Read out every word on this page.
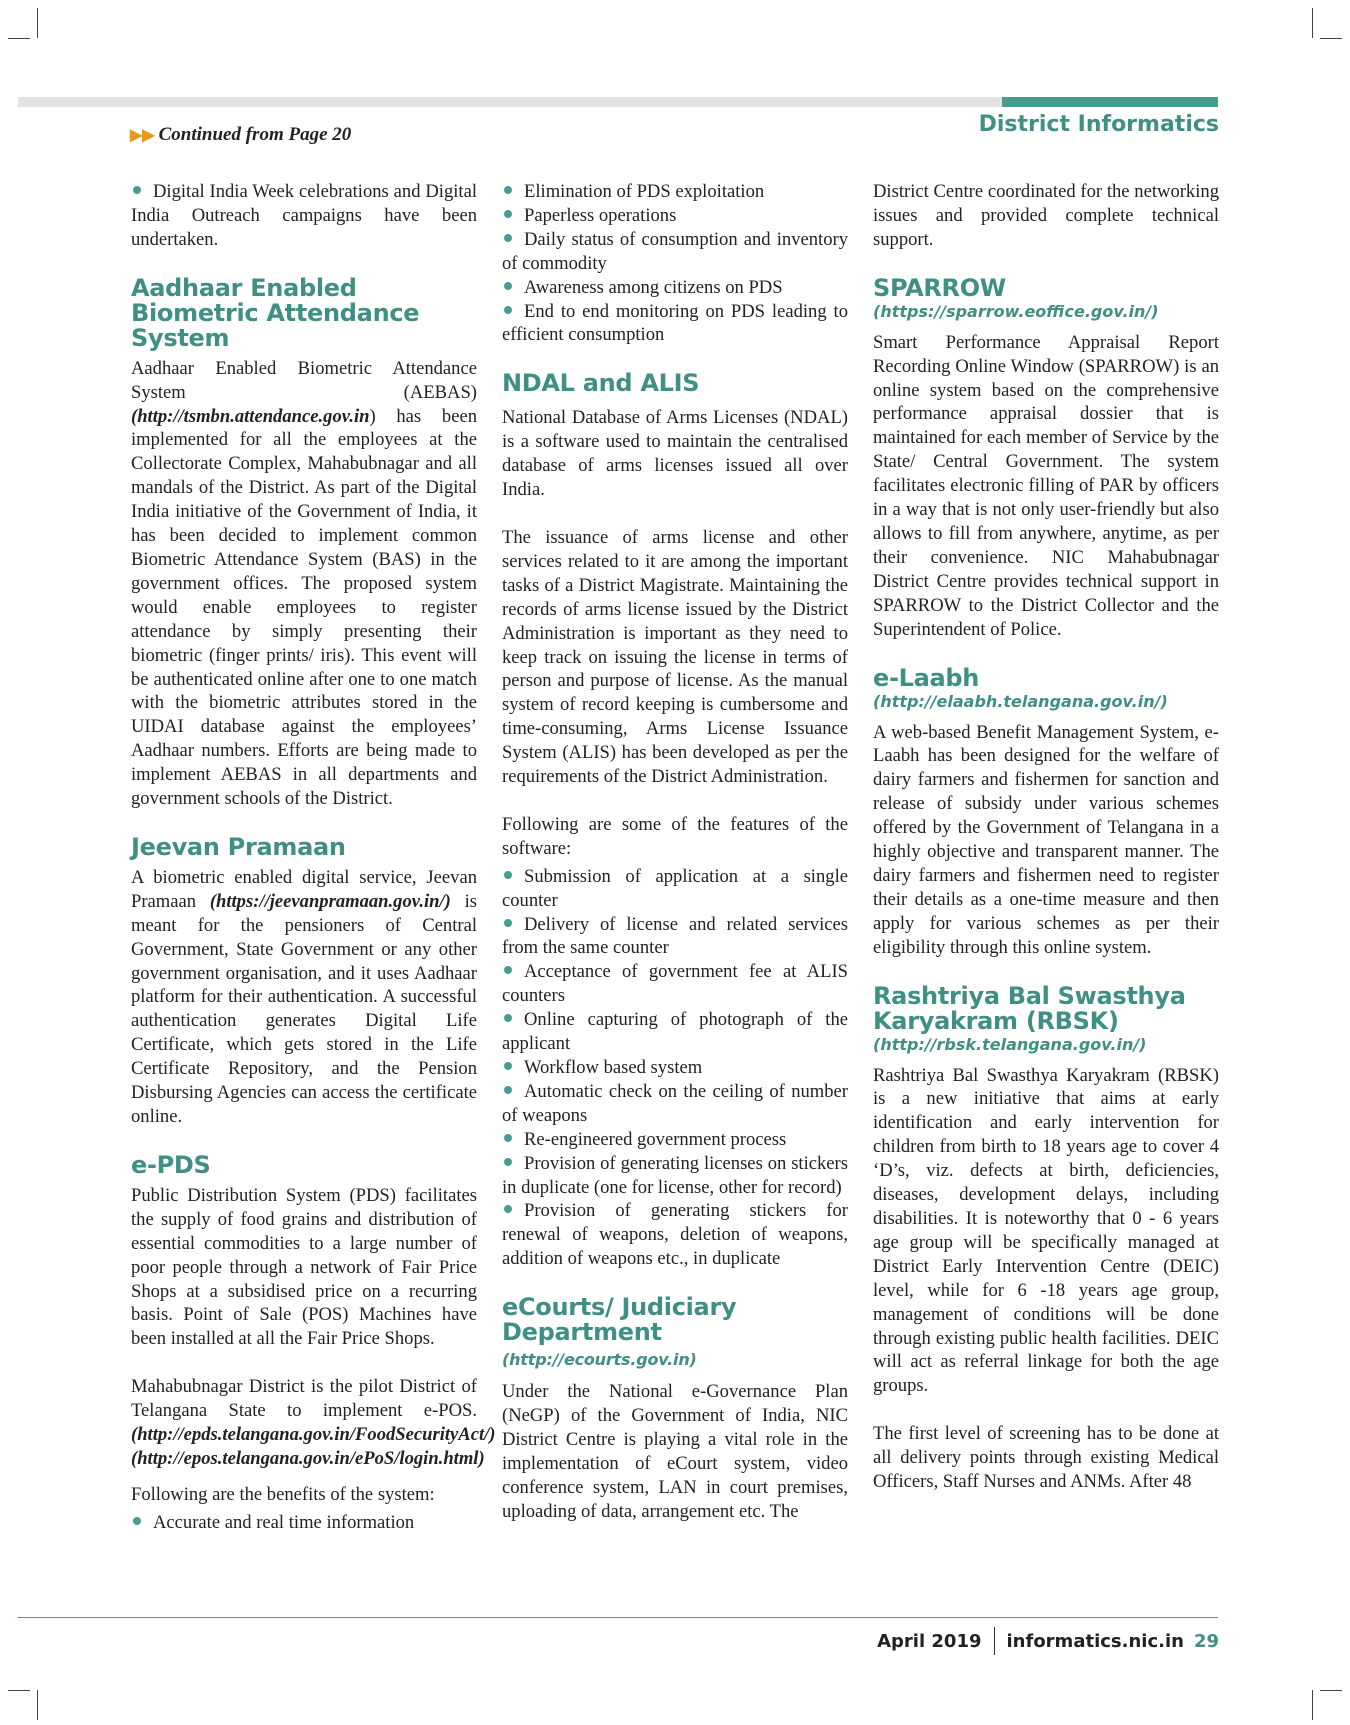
District Informatics
▶▶ Continued from Page 20
Digital India Week celebrations and Digital India Outreach campaigns have been undertaken.
Aadhaar Enabled Biometric Attendance System

Aadhaar Enabled Biometric Attendance System (AEBAS) (http://tsmbn.attendance.gov.in) has been implemented for all the employees at the Collectorate Complex, Mahabubnagar and all mandals of the District. As part of the Digital India initiative of the Government of India, it has been decided to implement common Biometric Attendance System (BAS) in the government offices. The proposed system would enable employees to register attendance by simply presenting their biometric (finger prints/ iris). This event will be authenticated online after one to one match with the biometric attributes stored in the UIDAI database against the employees’ Aadhaar numbers. Efforts are being made to implement AEBAS in all departments and government schools of the District.

Jeevan Pramaan

A biometric enabled digital service, Jeevan Pramaan (https://jeevanpramaan.gov.in/) is meant for the pensioners of Central Government, State Government or any other government organisation, and it uses Aadhaar platform for their authentication. A successful authentication generates Digital Life Certificate, which gets stored in the Life Certificate Repository, and the Pension Disbursing Agencies can access the certificate online.

e-PDS

Public Distribution System (PDS) facilitates the supply of food grains and distribution of essential commodities to a large number of poor people through a network of Fair Price Shops at a subsidised price on a recurring basis. Point of Sale (POS) Machines have been installed at all the Fair Price Shops.

Mahabubnagar District is the pilot District of Telangana State to implement e-POS. (http://epds.telangana.gov.in/FoodSecurityAct/) (http://epos.telangana.gov.in/ePoS/login.html)

Following are the benefits of the system:

Accurate and real time information
Elimination of PDS exploitation
Paperless operations
Daily status of consumption and inventory of commodity
Awareness among citizens on PDS
End to end monitoring on PDS leading to efficient consumption
NDAL and ALIS

National Database of Arms Licenses (NDAL) is a software used to maintain the centralised database of arms licenses issued all over India.

The issuance of arms license and other services related to it are among the important tasks of a District Magistrate. Maintaining the records of arms license issued by the District Administration is important as they need to keep track on issuing the license in terms of person and purpose of license. As the manual system of record keeping is cumbersome and time-consuming, Arms License Issuance System (ALIS) has been developed as per the requirements of the District Administration.

Following are some of the features of the software:

Submission of application at a single counter
Delivery of license and related services from the same counter
Acceptance of government fee at ALIS counters
Online capturing of photograph of the applicant
Workflow based system
Automatic check on the ceiling of number of weapons
Re-engineered government process
Provision of generating licenses on stickers in duplicate (one for license, other for record)
Provision of generating stickers for renewal of weapons, deletion of weapons, addition of weapons etc., in duplicate
eCourts/ Judiciary
Department (http://ecourts.gov.in)

Under the National e-Governance Plan (NeGP) of the Government of India, NIC District Centre is playing a vital role in the implementation of eCourt system, video conference system, LAN in court premises, uploading of data, arrangement etc. The

District Centre coordinated for the networking issues and provided complete technical support.

SPARROW

(https://sparrow.eoffice.gov.in/)

Smart Performance Appraisal Report Recording Online Window (SPARROW) is an online system based on the comprehensive performance appraisal dossier that is maintained for each member of Service by the State/ Central Government. The system facilitates electronic filling of PAR by officers in a way that is not only user-friendly but also allows to fill from anywhere, anytime, as per their convenience. NIC Mahabubnagar District Centre provides technical support in SPARROW to the District Collector and the Superintendent of Police.

e-Laabh

(http://elaabh.telangana.gov.in/)

A web-based Benefit Management System, e-Laabh has been designed for the welfare of dairy farmers and fishermen for sanction and release of subsidy under various schemes offered by the Government of Telangana in a highly objective and transparent manner. The dairy farmers and fishermen need to register their details as a one-time measure and then apply for various schemes as per their eligibility through this online system.

Rashtriya Bal Swasthya Karyakram (RBSK)

(http://rbsk.telangana.gov.in/)

Rashtriya Bal Swasthya Karyakram (RBSK) is a new initiative that aims at early identification and early intervention for children from birth to 18 years age to cover 4 ‘D’s, viz. defects at birth, deficiencies, diseases, development delays, including disabilities. It is noteworthy that 0 - 6 years age group will be specifically managed at District Early Intervention Centre (DEIC) level, while for 6 -18 years age group, management of conditions will be done through existing public health facilities. DEIC will act as referral linkage for both the age groups.

The first level of screening has to be done at all delivery points through existing Medical Officers, Staff Nurses and ANMs. After 48

April 2019 informatics.nic.in 29
